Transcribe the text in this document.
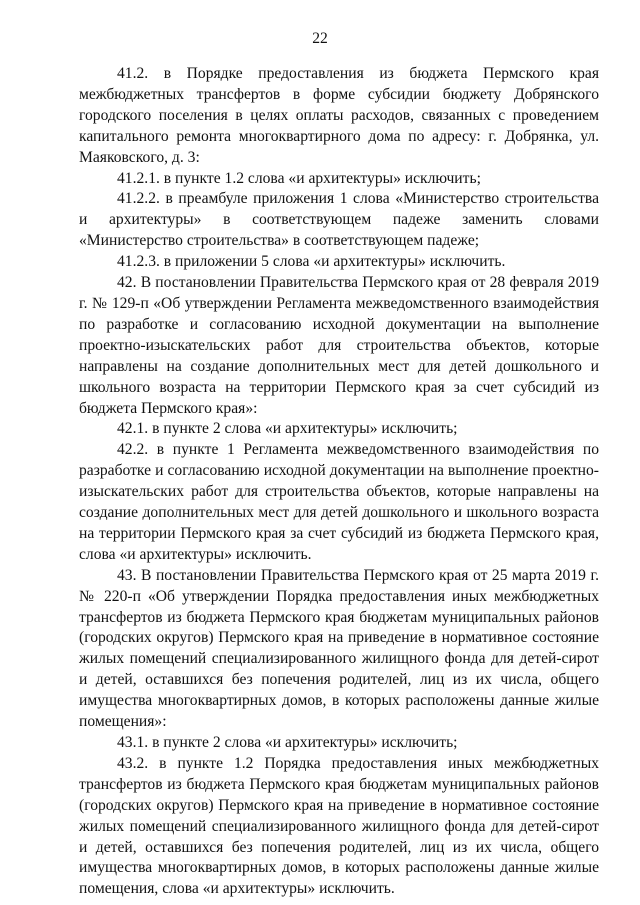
22

41.2. в Порядке предоставления из бюджета Пермского края межбюджетных трансфертов в форме субсидии бюджету Добрянского городского поселения в целях оплаты расходов, связанных с проведением капитального ремонта многоквартирного дома по адресу: г. Добрянка, ул. Маяковского, д. 3:

41.2.1. в пункте 1.2 слова «и архитектуры» исключить;

41.2.2. в преамбуле приложения 1 слова «Министерство строительства и архитектуры» в соответствующем падеже заменить словами «Министерство строительства» в соответствующем падеже;

41.2.3. в приложении 5 слова «и архитектуры» исключить.

42. В постановлении Правительства Пермского края от 28 февраля 2019 г. № 129-п «Об утверждении Регламента межведомственного взаимодействия по разработке и согласованию исходной документации на выполнение проектно-изыскательских работ для строительства объектов, которые направлены на создание дополнительных мест для детей дошкольного и школьного возраста на территории Пермского края за счет субсидий из бюджета Пермского края»:

42.1. в пункте 2 слова «и архитектуры» исключить;

42.2. в пункте 1 Регламента межведомственного взаимодействия по разработке и согласованию исходной документации на выполнение проектно-изыскательских работ для строительства объектов, которые направлены на создание дополнительных мест для детей дошкольного и школьного возраста на территории Пермского края за счет субсидий из бюджета Пермского края, слова «и архитектуры» исключить.

43. В постановлении Правительства Пермского края от 25 марта 2019 г. № 220-п «Об утверждении Порядка предоставления иных межбюджетных трансфертов из бюджета Пермского края бюджетам муниципальных районов (городских округов) Пермского края на приведение в нормативное состояние жилых помещений специализированного жилищного фонда для детей-сирот и детей, оставшихся без попечения родителей, лиц из их числа, общего имущества многоквартирных домов, в которых расположены данные жилые помещения»:

43.1. в пункте 2 слова «и архитектуры» исключить;

43.2. в пункте 1.2 Порядка предоставления иных межбюджетных трансфертов из бюджета Пермского края бюджетам муниципальных районов (городских округов) Пермского края на приведение в нормативное состояние жилых помещений специализированного жилищного фонда для детей-сирот и детей, оставшихся без попечения родителей, лиц из их числа, общего имущества многоквартирных домов, в которых расположены данные жилые помещения, слова «и архитектуры» исключить.
